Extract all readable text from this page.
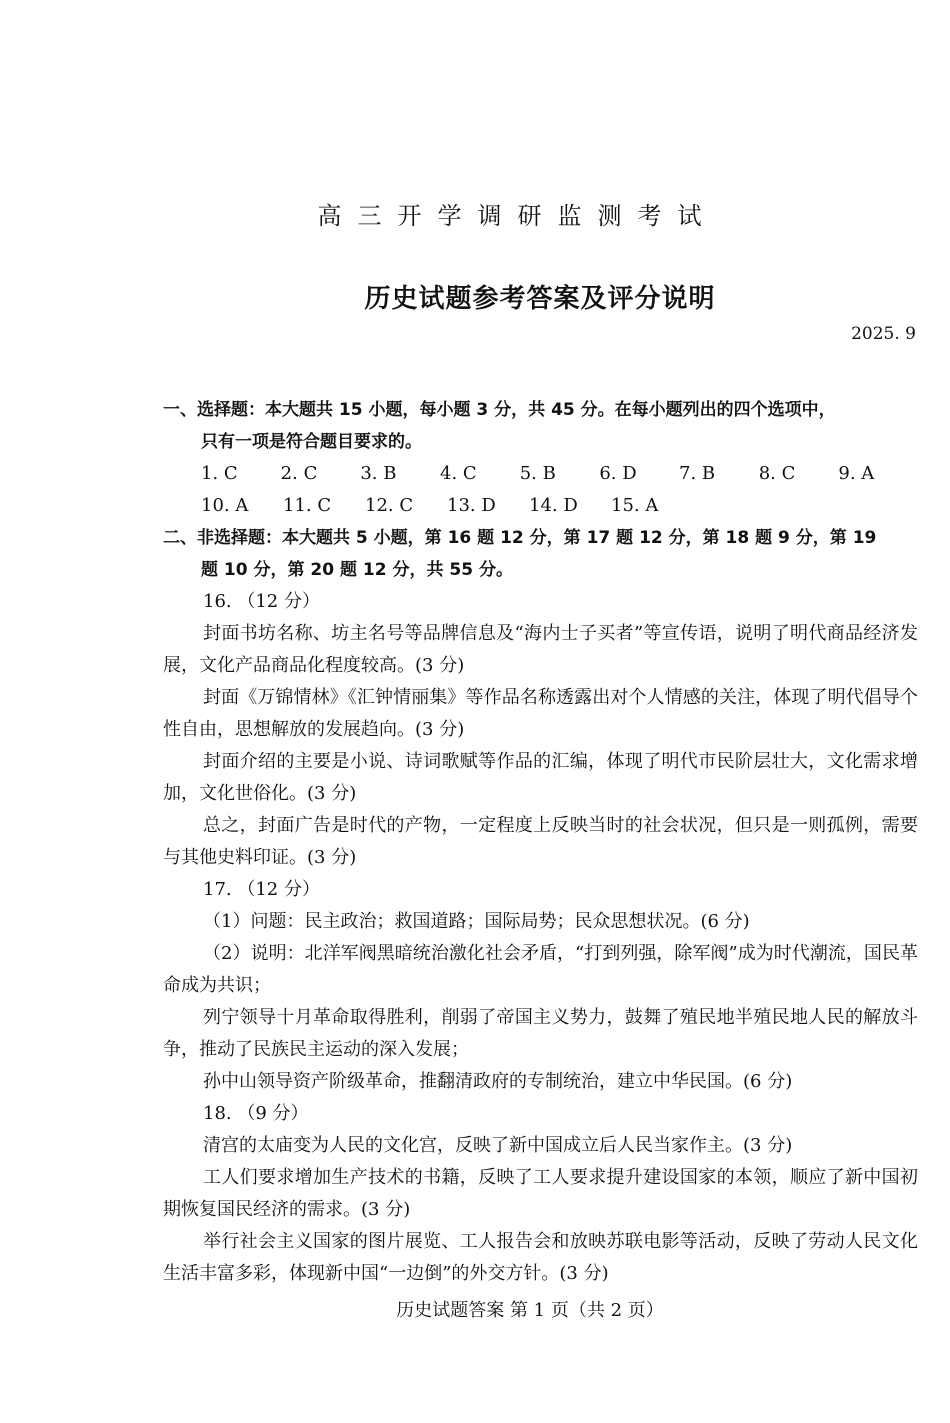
高三开学调研监测考试
历史试题参考答案及评分说明
2025. 9
一、选择题：本大题共 15 小题，每小题 3 分，共 45 分。在每小题列出的四个选项中，
只有一项是符合题目要求的。
1. C	2. C	3. B	4. C	5. B	6. D	7. B	8. C	9. A
10. A	11. C	12. C	13. D	14. D	15. A
二、非选择题：本大题共 5 小题，第 16 题 12 分，第 17 题 12 分，第 18 题 9 分，第 19
题 10 分，第 20 题 12 分，共 55 分。
16. （12 分）

封面书坊名称、坊主名号等品牌信息及“海内士子买者”等宣传语，说明了明代商品经济发展，文化产品商品化程度较高。(3 分)

封面《万锦情林》《汇钟情丽集》等作品名称透露出对个人情感的关注，体现了明代倡导个性自由，思想解放的发展趋向。(3 分)

封面介绍的主要是小说、诗词歌赋等作品的汇编，体现了明代市民阶层壮大，文化需求增加，文化世俗化。(3 分)

总之，封面广告是时代的产物，一定程度上反映当时的社会状况，但只是一则孤例，需要与其他史料印证。(3 分)

17. （12 分）

（1）问题：民主政治；救国道路；国际局势；民众思想状况。(6 分)

（2）说明：北洋军阀黑暗统治激化社会矛盾，“打到列强，除军阀”成为时代潮流，国民革命成为共识；

列宁领导十月革命取得胜利，削弱了帝国主义势力，鼓舞了殖民地半殖民地人民的解放斗争，推动了民族民主运动的深入发展；

孙中山领导资产阶级革命，推翻清政府的专制统治，建立中华民国。(6 分)

18. （9 分）

清宫的太庙变为人民的文化宫，反映了新中国成立后人民当家作主。(3 分)

工人们要求增加生产技术的书籍，反映了工人要求提升建设国家的本领，顺应了新中国初期恢复国民经济的需求。(3 分)

举行社会主义国家的图片展览、工人报告会和放映苏联电影等活动，反映了劳动人民文化生活丰富多彩，体现新中国“一边倒”的外交方针。(3 分)

历史试题答案 第 1 页（共 2 页）
